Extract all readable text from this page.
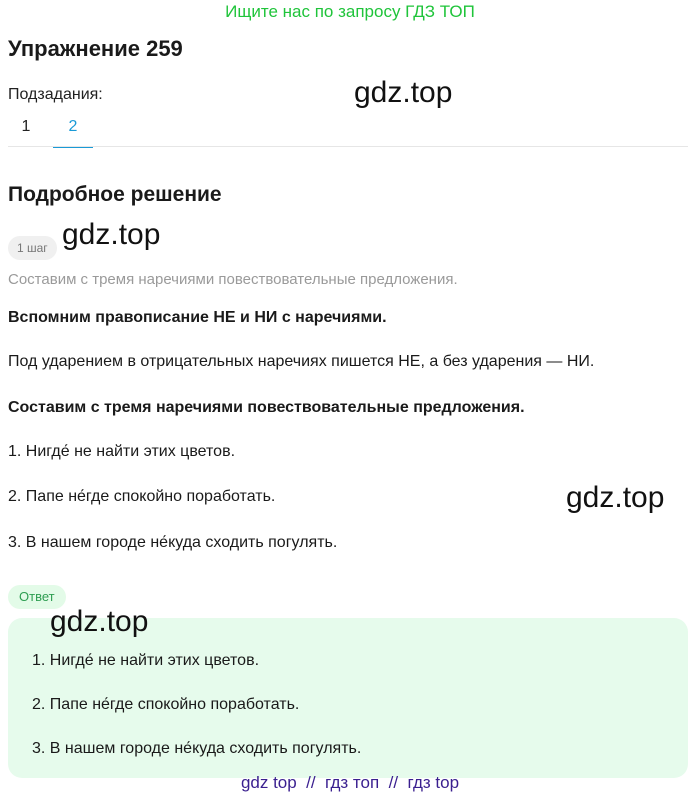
Ищите нас по запросу ГДЗ ТОП
Упражнение 259
Подзадания:
1	2
gdz.top
Подробное решение
1 шаг gdz.top
Составим с тремя наречиями повествовательные предложения.
Вспомним правописание НЕ и НИ с наречиями.
Под ударением в отрицательных наречиях пишется НЕ, а без ударения — НИ.
Составим с тремя наречиями повествовательные предложения.
1. Нигде́ не найти этих цветов.
2. Папе не́где спокойно поработать.	gdz.top
3. В нашем городе не́куда сходить погулять.
Ответ
gdz.top
1. Нигде́ не найти этих цветов.
2. Папе не́где спокойно поработать.
3. В нашем городе не́куда сходить погулять.
gdz top  //  гдз топ  //  гдз top
